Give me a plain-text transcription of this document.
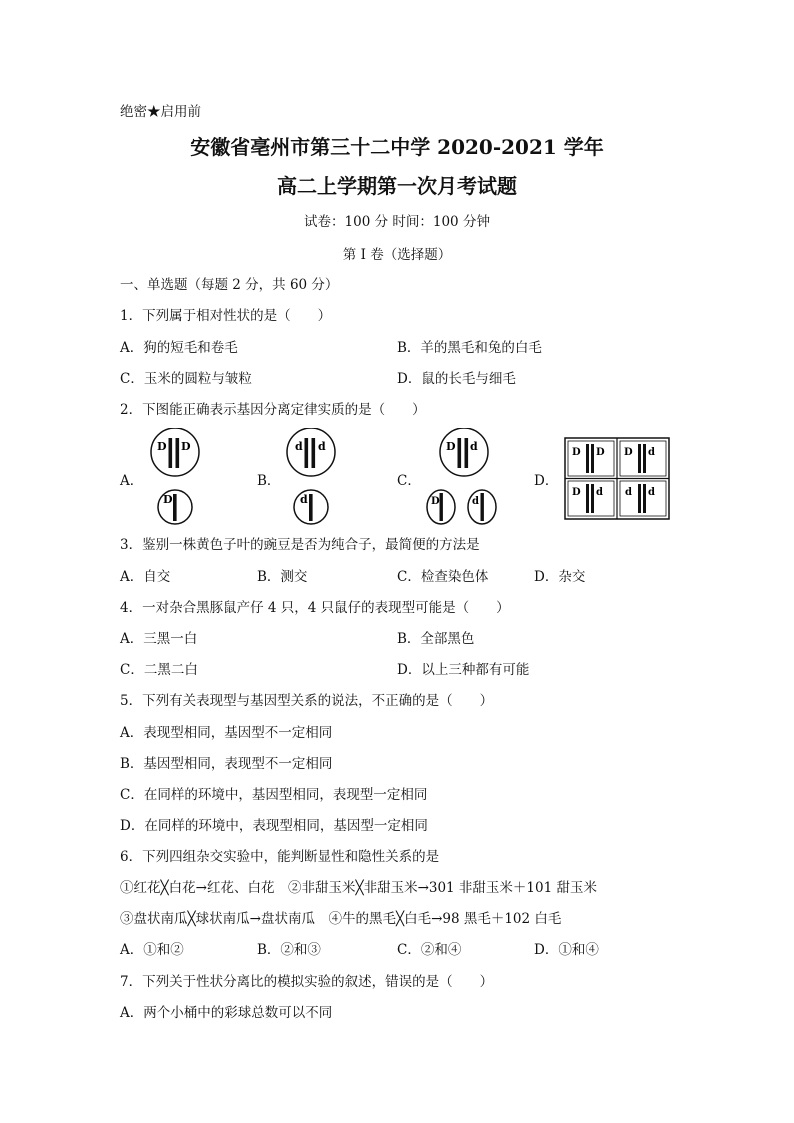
绝密★启用前
安徽省亳州市第三十二中学 2020-2021 学年
高二上学期第一次月考试题
试卷：100 分 时间：100 分钟
第 I 卷（选择题）
一、单选题（每题 2 分，共 60 分）
1．下列属于相对性状的是（　　）
A．狗的短毛和卷毛	B．羊的黑毛和兔的白毛
C．玉米的圆粒与皱粒	D．鼠的长毛与细毛
2．下图能正确表示基因分离定律实质的是（　　）
A．	B．	C．	D．
D D
D
d d
d
D d
D	d
D D D d
D d d d
3．鉴别一株黄色子叶的豌豆是否为纯合子，最简便的方法是
A．自交	B．测交	C．检查染色体	D．杂交
4．一对杂合黑豚鼠产仔 4 只，4 只鼠仔的表现型可能是（　　）
A．三黑一白	B．全部黑色
C．二黑二白	D．以上三种都有可能
5．下列有关表现型与基因型关系的说法，不正确的是（　　）
A．表现型相同，基因型不一定相同
B．基因型相同，表现型不一定相同
C．在同样的环境中，基因型相同，表现型一定相同
D．在同样的环境中，表现型相同，基因型一定相同
6．下列四组杂交实验中，能判断显性和隐性关系的是
①红花╳白花→红花、白花　②非甜玉米╳非甜玉米→301 非甜玉米＋101 甜玉米
③盘状南瓜╳球状南瓜→盘状南瓜　④牛的黑毛╳白毛→98 黑毛＋102 白毛
A．①和②	B．②和③	C．②和④	D．①和④
7．下列关于性状分离比的模拟实验的叙述，错误的是（　　）
A．两个小桶中的彩球总数可以不同
